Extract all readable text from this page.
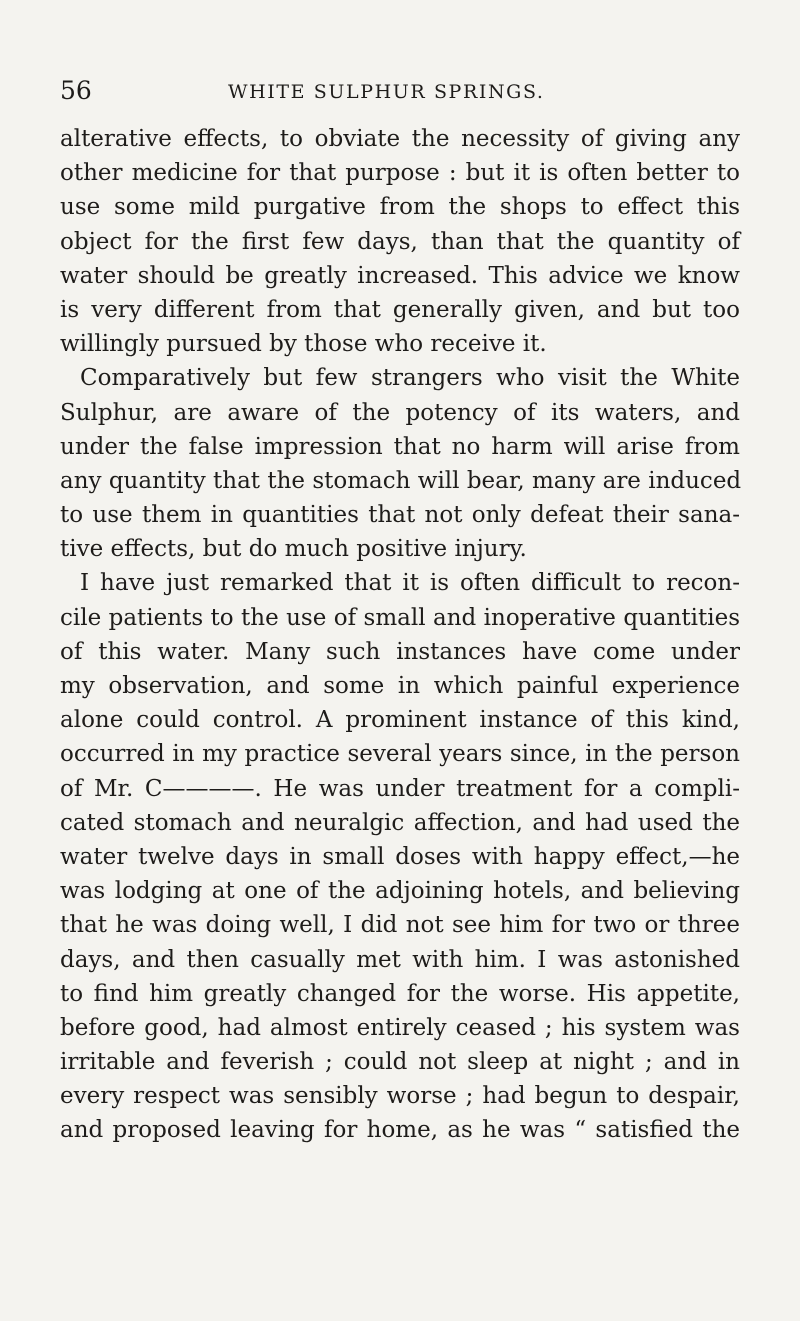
56	WHITE SULPHUR SPRINGS.
alterative effects, to obviate the necessity of giving any
other medicine for that purpose : but it is often better to
use some mild purgative from the shops to effect this
object for the first few days, than that the quantity of
water should be greatly increased. This advice we know
is very different from that generally given, and but too
willingly pursued by those who receive it.
Comparatively but few strangers who visit the White
Sulphur, are aware of the potency of its waters, and
under the false impression that no harm will arise from
any quantity that the stomach will bear, many are induced
to use them in quantities that not only defeat their sana-
tive effects, but do much positive injury.
I have just remarked that it is often difficult to recon-
cile patients to the use of small and inoperative quantities
of this water. Many such instances have come under
my observation, and some in which painful experience
alone could control. A prominent instance of this kind,
occurred in my practice several years since, in the person
of Mr. C————. He was under treatment for a compli-
cated stomach and neuralgic affection, and had used the
water twelve days in small doses with happy effect,—he
was lodging at one of the adjoining hotels, and believing
that he was doing well, I did not see him for two or three
days, and then casually met with him. I was astonished
to find him greatly changed for the worse. His appetite,
before good, had almost entirely ceased ; his system was
irritable and feverish ; could not sleep at night ; and in
every respect was sensibly worse ; had begun to despair,
and proposed leaving for home, as he was “ satisfied the
